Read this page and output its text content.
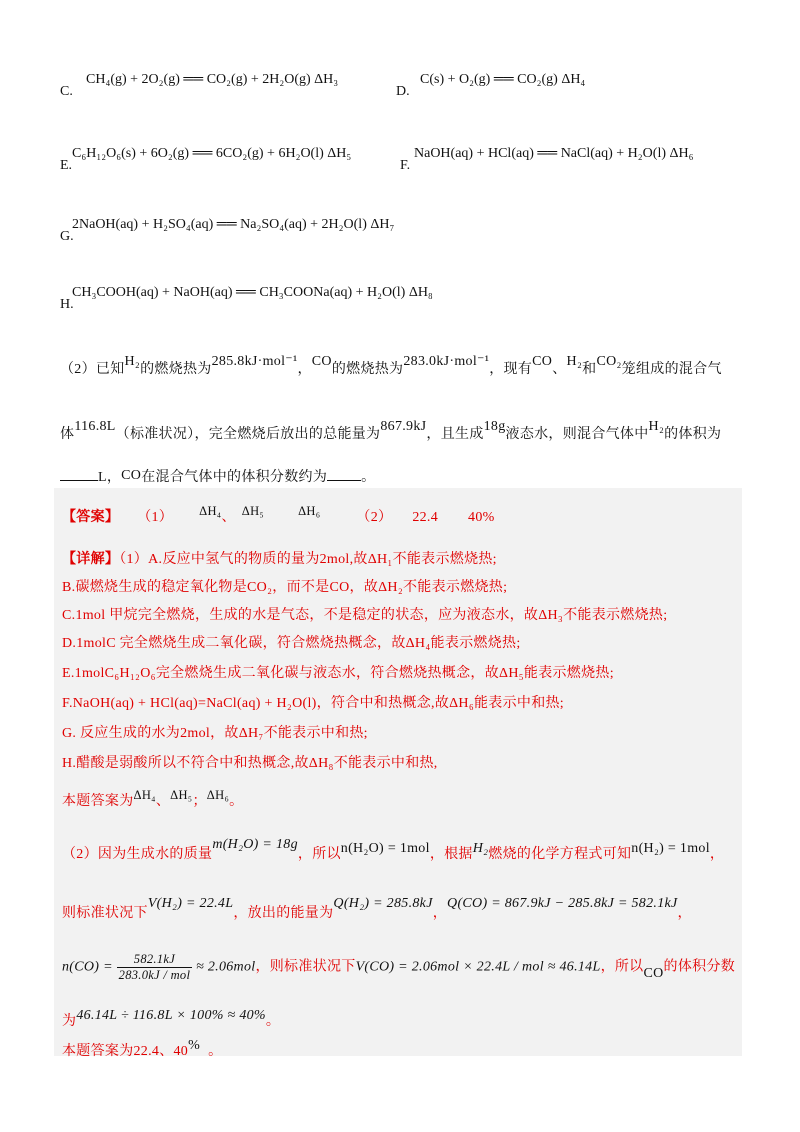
C.
CH₄(g) + 2O₂(g) ══ CO₂(g) + 2H₂O(g) ΔH₃
D.
C(s) + O₂(g) ══ CO₂(g) ΔH₄
E.
C₆H₁₂O₆(s) + 6O₂(g) ══ 6CO₂(g) + 6H₂O(l) ΔH₅
F.
NaOH(aq) + HCl(aq) ══ NaCl(aq) + H₂O(l) ΔH₆
G.
2NaOH(aq) + H₂SO₄(aq) ══ Na₂SO₄(aq) + 2H₂O(l) ΔH₇
H.
CH₃COOH(aq) + NaOH(aq) ══ CH₃COONa(aq) + H₂O(l) ΔH₈
（2）已知H₂的燃烧热为285.8kJ·mol⁻¹，CO的燃烧热为283.0kJ·mol⁻¹，现有CO、H₂和CO₂笼组成的混合气
体116.8L（标准状况），完全燃烧后放出的总能量为867.9kJ，且生成18g液态水，则混合气体中H₂的体积为
L，CO在混合气体中的体积分数约为 。
【答案】 （1） ΔH₄、 ΔH₅	ΔH₆	（2） 22.4 40%
【详解】（1）A.反应中氢气的物质的量为2mol,故ΔH₁不能表示燃烧热;
B.碳燃烧生成的稳定氧化物是CO₂，而不是CO，故ΔH₂不能表示燃烧热;
C.1mol 甲烷完全燃烧，生成的水是气态，不是稳定的状态，应为液态水，故ΔH₃不能表示燃烧热;
D.1molC 完全燃烧生成二氧化碳，符合燃烧热概念，故ΔH₄能表示燃烧热;
E.1molC₆H₁₂O₆完全燃烧生成二氧化碳与液态水，符合燃烧热概念，故ΔH₅能表示燃烧热;
F.NaOH(aq) + HCl(aq)=NaCl(aq) + H₂O(l)，符合中和热概念,故ΔH₆能表示中和热;
G. 反应生成的水为2mol，故ΔH₇不能表示中和热;
H.醋酸是弱酸所以不符合中和热概念,故ΔH₈不能表示中和热,
本题答案为ΔH₄、ΔH₅；ΔH₆。
（2）因为生成水的质量m(H₂O) = 18g，所以n(H₂O) = 1mol，根据H₂燃烧的化学方程式可知n(H₂) = 1mol，
则标准状况下V(H₂) = 22.4L，放出的能量为Q(H₂) = 285.8kJ，Q(CO) = 867.9kJ − 285.8kJ = 582.1kJ，
$n(CO) = \frac{582.1kJ}{\text{283.0kJ / mol}} \approx 2.06mol$，则标准状况下V(CO) = 2.06mol × 22.4L / mol ≈ 46.14L，所以CO的体积分数
为46.14L ÷ 116.8L × 100% ≈ 40%。
本题答案为22.4、40% 。
